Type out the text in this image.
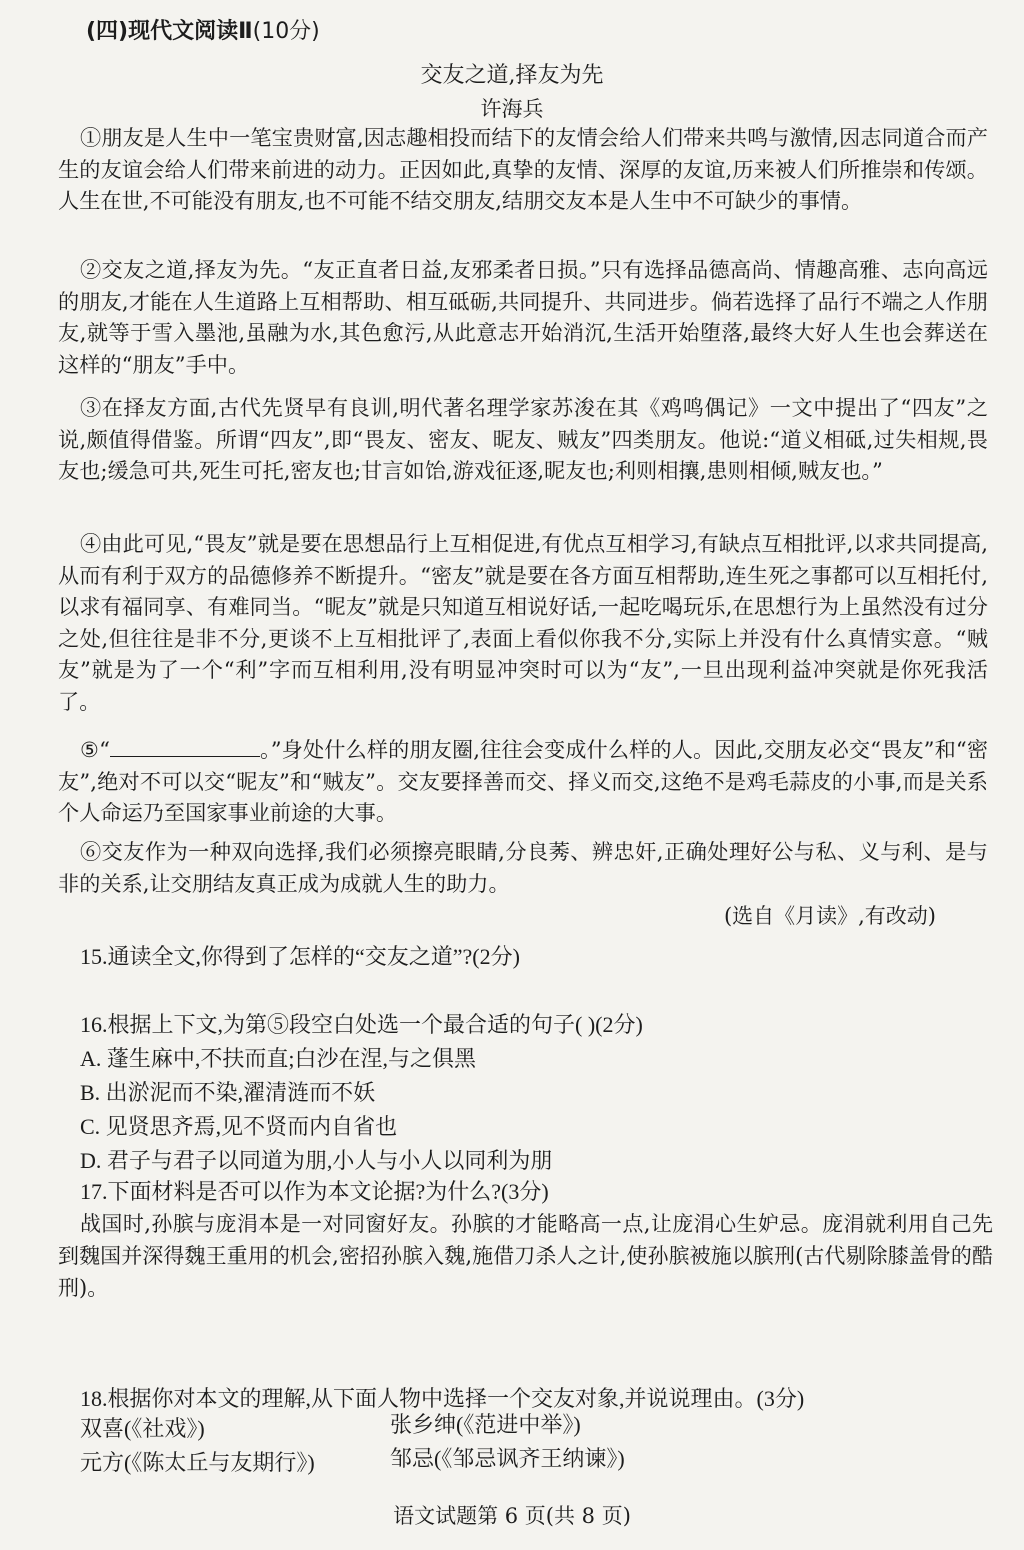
(四)现代文阅读Ⅱ(10分)
交友之道,择友为先
许海兵
①朋友是人生中一笔宝贵财富,因志趣相投而结下的友情会给人们带来共鸣与激情,因志同道合而产生的友谊会给人们带来前进的动力。正因如此,真挚的友情、深厚的友谊,历来被人们所推崇和传颂。人生在世,不可能没有朋友,也不可能不结交朋友,结朋交友本是人生中不可缺少的事情。
②交友之道,择友为先。“友正直者日益,友邪柔者日损。”只有选择品德高尚、情趣高雅、志向高远的朋友,才能在人生道路上互相帮助、相互砥砺,共同提升、共同进步。倘若选择了品行不端之人作朋友,就等于雪入墨池,虽融为水,其色愈污,从此意志开始消沉,生活开始堕落,最终大好人生也会葬送在这样的“朋友”手中。
③在择友方面,古代先贤早有良训,明代著名理学家苏浚在其《鸡鸣偶记》一文中提出了“四友”之说,颇值得借鉴。所谓“四友”,即“畏友、密友、昵友、贼友”四类朋友。他说:“道义相砥,过失相规,畏友也;缓急可共,死生可托,密友也;甘言如饴,游戏征逐,昵友也;利则相攘,患则相倾,贼友也。”
④由此可见,“畏友”就是要在思想品行上互相促进,有优点互相学习,有缺点互相批评,以求共同提高,从而有利于双方的品德修养不断提升。“密友”就是要在各方面互相帮助,连生死之事都可以互相托付,以求有福同享、有难同当。“昵友”就是只知道互相说好话,一起吃喝玩乐,在思想行为上虽然没有过分之处,但往往是非不分,更谈不上互相批评了,表面上看似你我不分,实际上并没有什么真情实意。“贼友”就是为了一个“利”字而互相利用,没有明显冲突时可以为“友”,一旦出现利益冲突就是你死我活了。
⑤“	。”身处什么样的朋友圈,往往会变成什么样的人。因此,交朋友必交“畏友”和“密友”,绝对不可以交“昵友”和“贼友”。交友要择善而交、择义而交,这绝不是鸡毛蒜皮的小事,而是关系个人命运乃至国家事业前途的大事。
⑥交友作为一种双向选择,我们必须擦亮眼睛,分良莠、辨忠奸,正确处理好公与私、义与利、是与非的关系,让交朋结友真正成为成就人生的助力。
(选自《月读》,有改动)
15.通读全文,你得到了怎样的“交友之道”?(2分)
16.根据上下文,为第⑤段空白处选一个最合适的句子( )(2分)
A. 蓬生麻中,不扶而直;白沙在涅,与之俱黑
B. 出淤泥而不染,濯清涟而不妖
C. 见贤思齐焉,见不贤而内自省也
D. 君子与君子以同道为朋,小人与小人以同利为朋
17.下面材料是否可以作为本文论据?为什么?(3分)
战国时,孙膑与庞涓本是一对同窗好友。孙膑的才能略高一点,让庞涓心生妒忌。庞涓就利用自己先到魏国并深得魏王重用的机会,密招孙膑入魏,施借刀杀人之计,使孙膑被施以膑刑(古代剔除膝盖骨的酷刑)。
18.根据你对本文的理解,从下面人物中选择一个交友对象,并说说理由。(3分)
双喜(《社戏》)	张乡绅(《范进中举》)
元方(《陈太丘与友期行》)	邹忌(《邹忌讽齐王纳谏》)
语文试题第 6 页(共 8 页)
